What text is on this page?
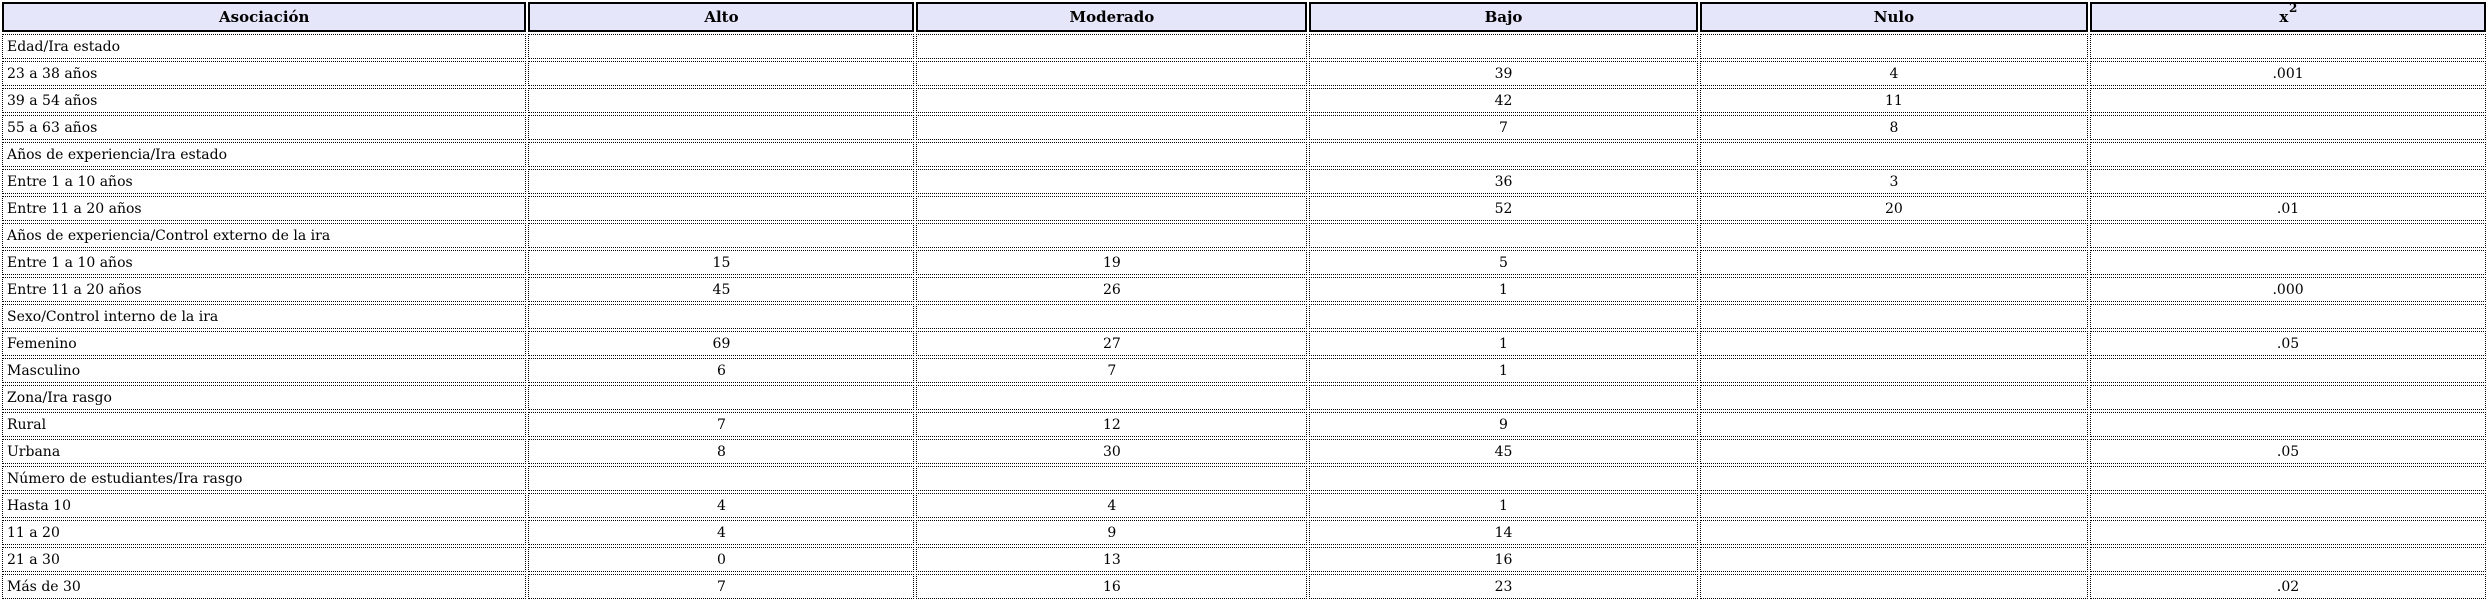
Asociación	Alto	Moderado	Bajo	Nulo	$x^2$
Edad/Ira estado					
23 a 38 años			39	4	.001
39 a 54 años			42	11	
55 a 63 años			7	8	
Años de experiencia/Ira estado					
Entre 1 a 10 años			36	3	
Entre 11 a 20 años			52	20	.01
Años de experiencia/Control externo de la ira					
Entre 1 a 10 años	15	19	5		
Entre 11 a 20 años	45	26	1		.000
Sexo/Control interno de la ira					
Femenino	69	27	1		.05
Masculino	6	7	1		
Zona/Ira rasgo					
Rural	7	12	9		
Urbana	8	30	45		.05
Número de estudiantes/Ira rasgo					
Hasta 10	4	4	1		
11 a 20	4	9	14		
21 a 30	0	13	16		
Más de 30	7	16	23		.02
